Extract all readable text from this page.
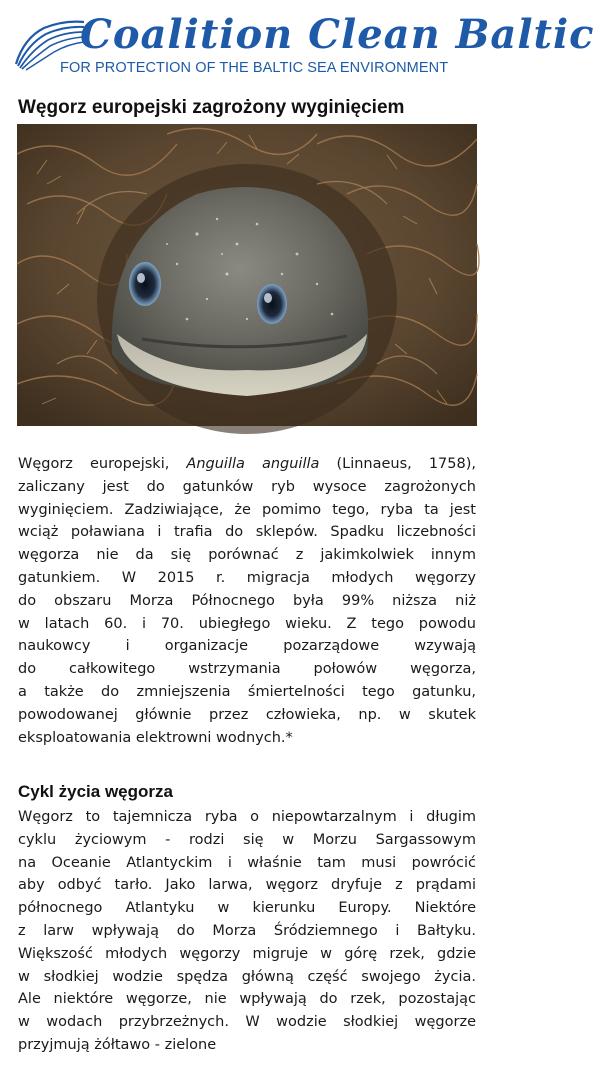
Coalition Clean Baltic
FOR PROTECTION OF THE BALTIC SEA ENVIRONMENT
Węgorz europejski zagrożony wyginięciem
Węgorz europejski, Anguilla anguilla (Linnaeus, 1758),
zaliczany jest do gatunków ryb wysoce zagrożonych
wyginięciem. Zadziwiające, że pomimo tego, ryba ta jest
wciąż poławiana i trafia do sklepów. Spadku liczebności
węgorza nie da się porównać z jakimkolwiek innym
gatunkiem. W 2015 r. migracja młodych węgorzy
do obszaru Morza Północnego była 99% niższa niż
w latach 60. i 70. ubiegłego wieku. Z tego powodu
naukowcy i organizacje pozarządowe wzywają
do całkowitego wstrzymania połowów węgorza,
a także do zmniejszenia śmiertelności tego gatunku,
powodowanej głównie przez człowieka, np. w skutek
eksploatowania elektrowni wodnych.*
Cykl życia węgorza
Węgorz to tajemnicza ryba o niepowtarzalnym i długim
cyklu życiowym - rodzi się w Morzu Sargassowym
na Oceanie Atlantyckim i właśnie tam musi powrócić
aby odbyć tarło. Jako larwa, węgorz dryfuje z prądami
północnego Atlantyku w kierunku Europy. Niektóre
z larw wpływają do Morza Śródziemnego i Bałtyku.
Większość młodych węgorzy migruje w górę rzek, gdzie
w słodkiej wodzie spędza główną część swojego życia.
Ale niektóre węgorze, nie wpływają do rzek, pozostając
w wodach przybrzeżnych. W wodzie słodkiej węgorze
przyjmują żółtawo - zielone
